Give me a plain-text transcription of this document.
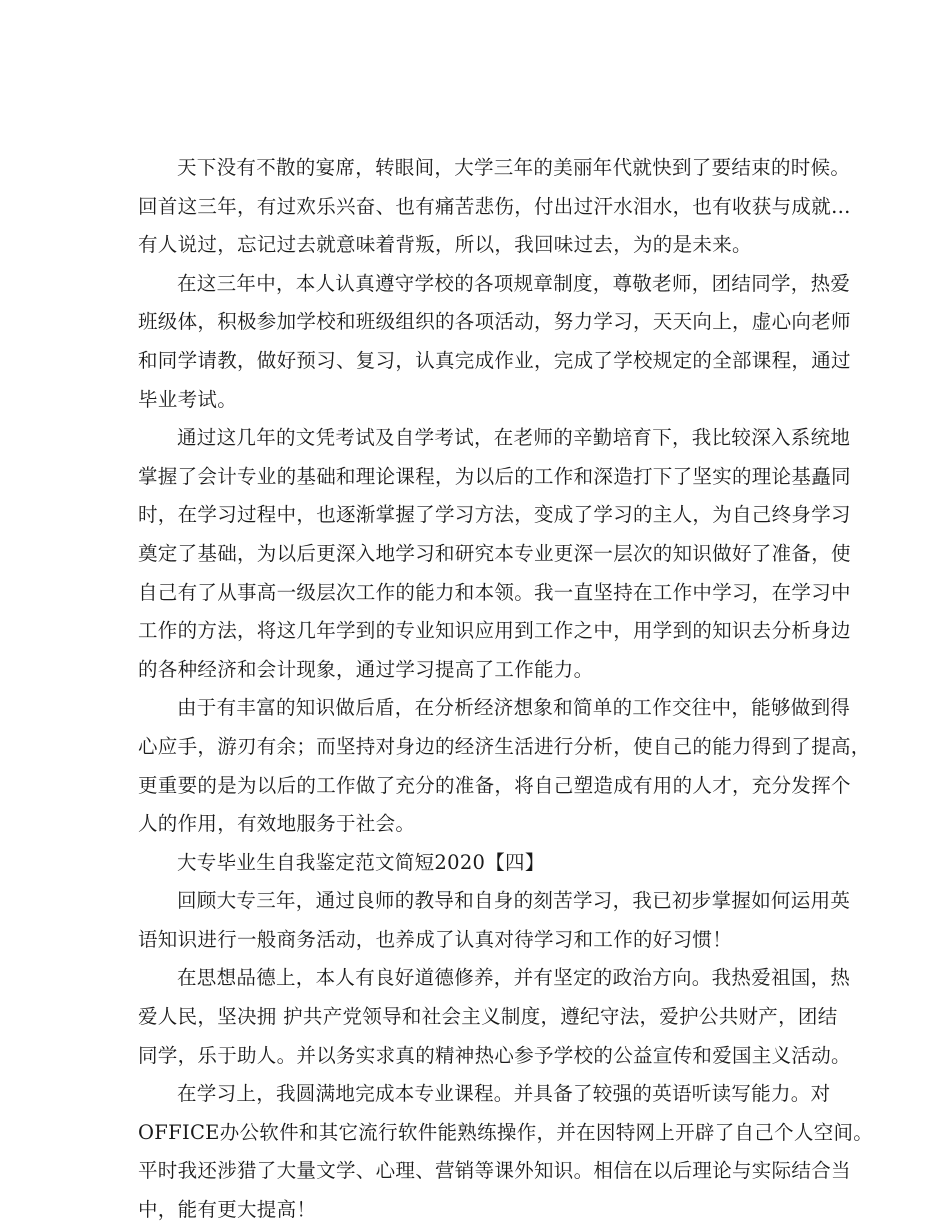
天下没有不散的宴席，转眼间，大学三年的美丽年代就快到了要结束的时候。
回首这三年，有过欢乐兴奋、也有痛苦悲伤，付出过汗水泪水，也有收获与成就…
有人说过，忘记过去就意味着背叛，所以，我回味过去，为的是未来。
在这三年中，本人认真遵守学校的各项规章制度，尊敬老师，团结同学，热爱
班级体，积极参加学校和班级组织的各项活动，努力学习，天天向上，虚心向老师
和同学请教，做好预习、复习，认真完成作业，完成了学校规定的全部课程，通过
毕业考试。
通过这几年的文凭考试及自学考试，在老师的辛勤培育下，我比较深入系统地
掌握了会计专业的基础和理论课程，为以后的工作和深造打下了坚实的理论基矗同
时，在学习过程中，也逐渐掌握了学习方法，变成了学习的主人，为自己终身学习
奠定了基础，为以后更深入地学习和研究本专业更深一层次的知识做好了准备，使
自己有了从事高一级层次工作的能力和本领。我一直坚持在工作中学习，在学习中
工作的方法，将这几年学到的专业知识应用到工作之中，用学到的知识去分析身边
的各种经济和会计现象，通过学习提高了工作能力。
由于有丰富的知识做后盾，在分析经济想象和简单的工作交往中，能够做到得
心应手，游刃有余；而坚持对身边的经济生活进行分析，使自己的能力得到了提高，
更重要的是为以后的工作做了充分的准备，将自己塑造成有用的人才，充分发挥个
人的作用，有效地服务于社会。
大专毕业生自我鉴定范文简短2020【四】
回顾大专三年，通过良师的教导和自身的刻苦学习，我已初步掌握如何运用英
语知识进行一般商务活动，也养成了认真对待学习和工作的好习惯！
在思想品德上，本人有良好道德修养，并有坚定的政治方向。我热爱祖国，热
爱人民，坚决拥 护共产党领导和社会主义制度，遵纪守法，爱护公共财产，团结
同学，乐于助人。并以务实求真的精神热心参予学校的公益宣传和爱国主义活动。
在学习上，我圆满地完成本专业课程。并具备了较强的英语听读写能力。对
OFFICE办公软件和其它流行软件能熟练操作，并在因特网上开辟了自己个人空间。
平时我还涉猎了大量文学、心理、营销等课外知识。相信在以后理论与实际结合当
中，能有更大提高！
